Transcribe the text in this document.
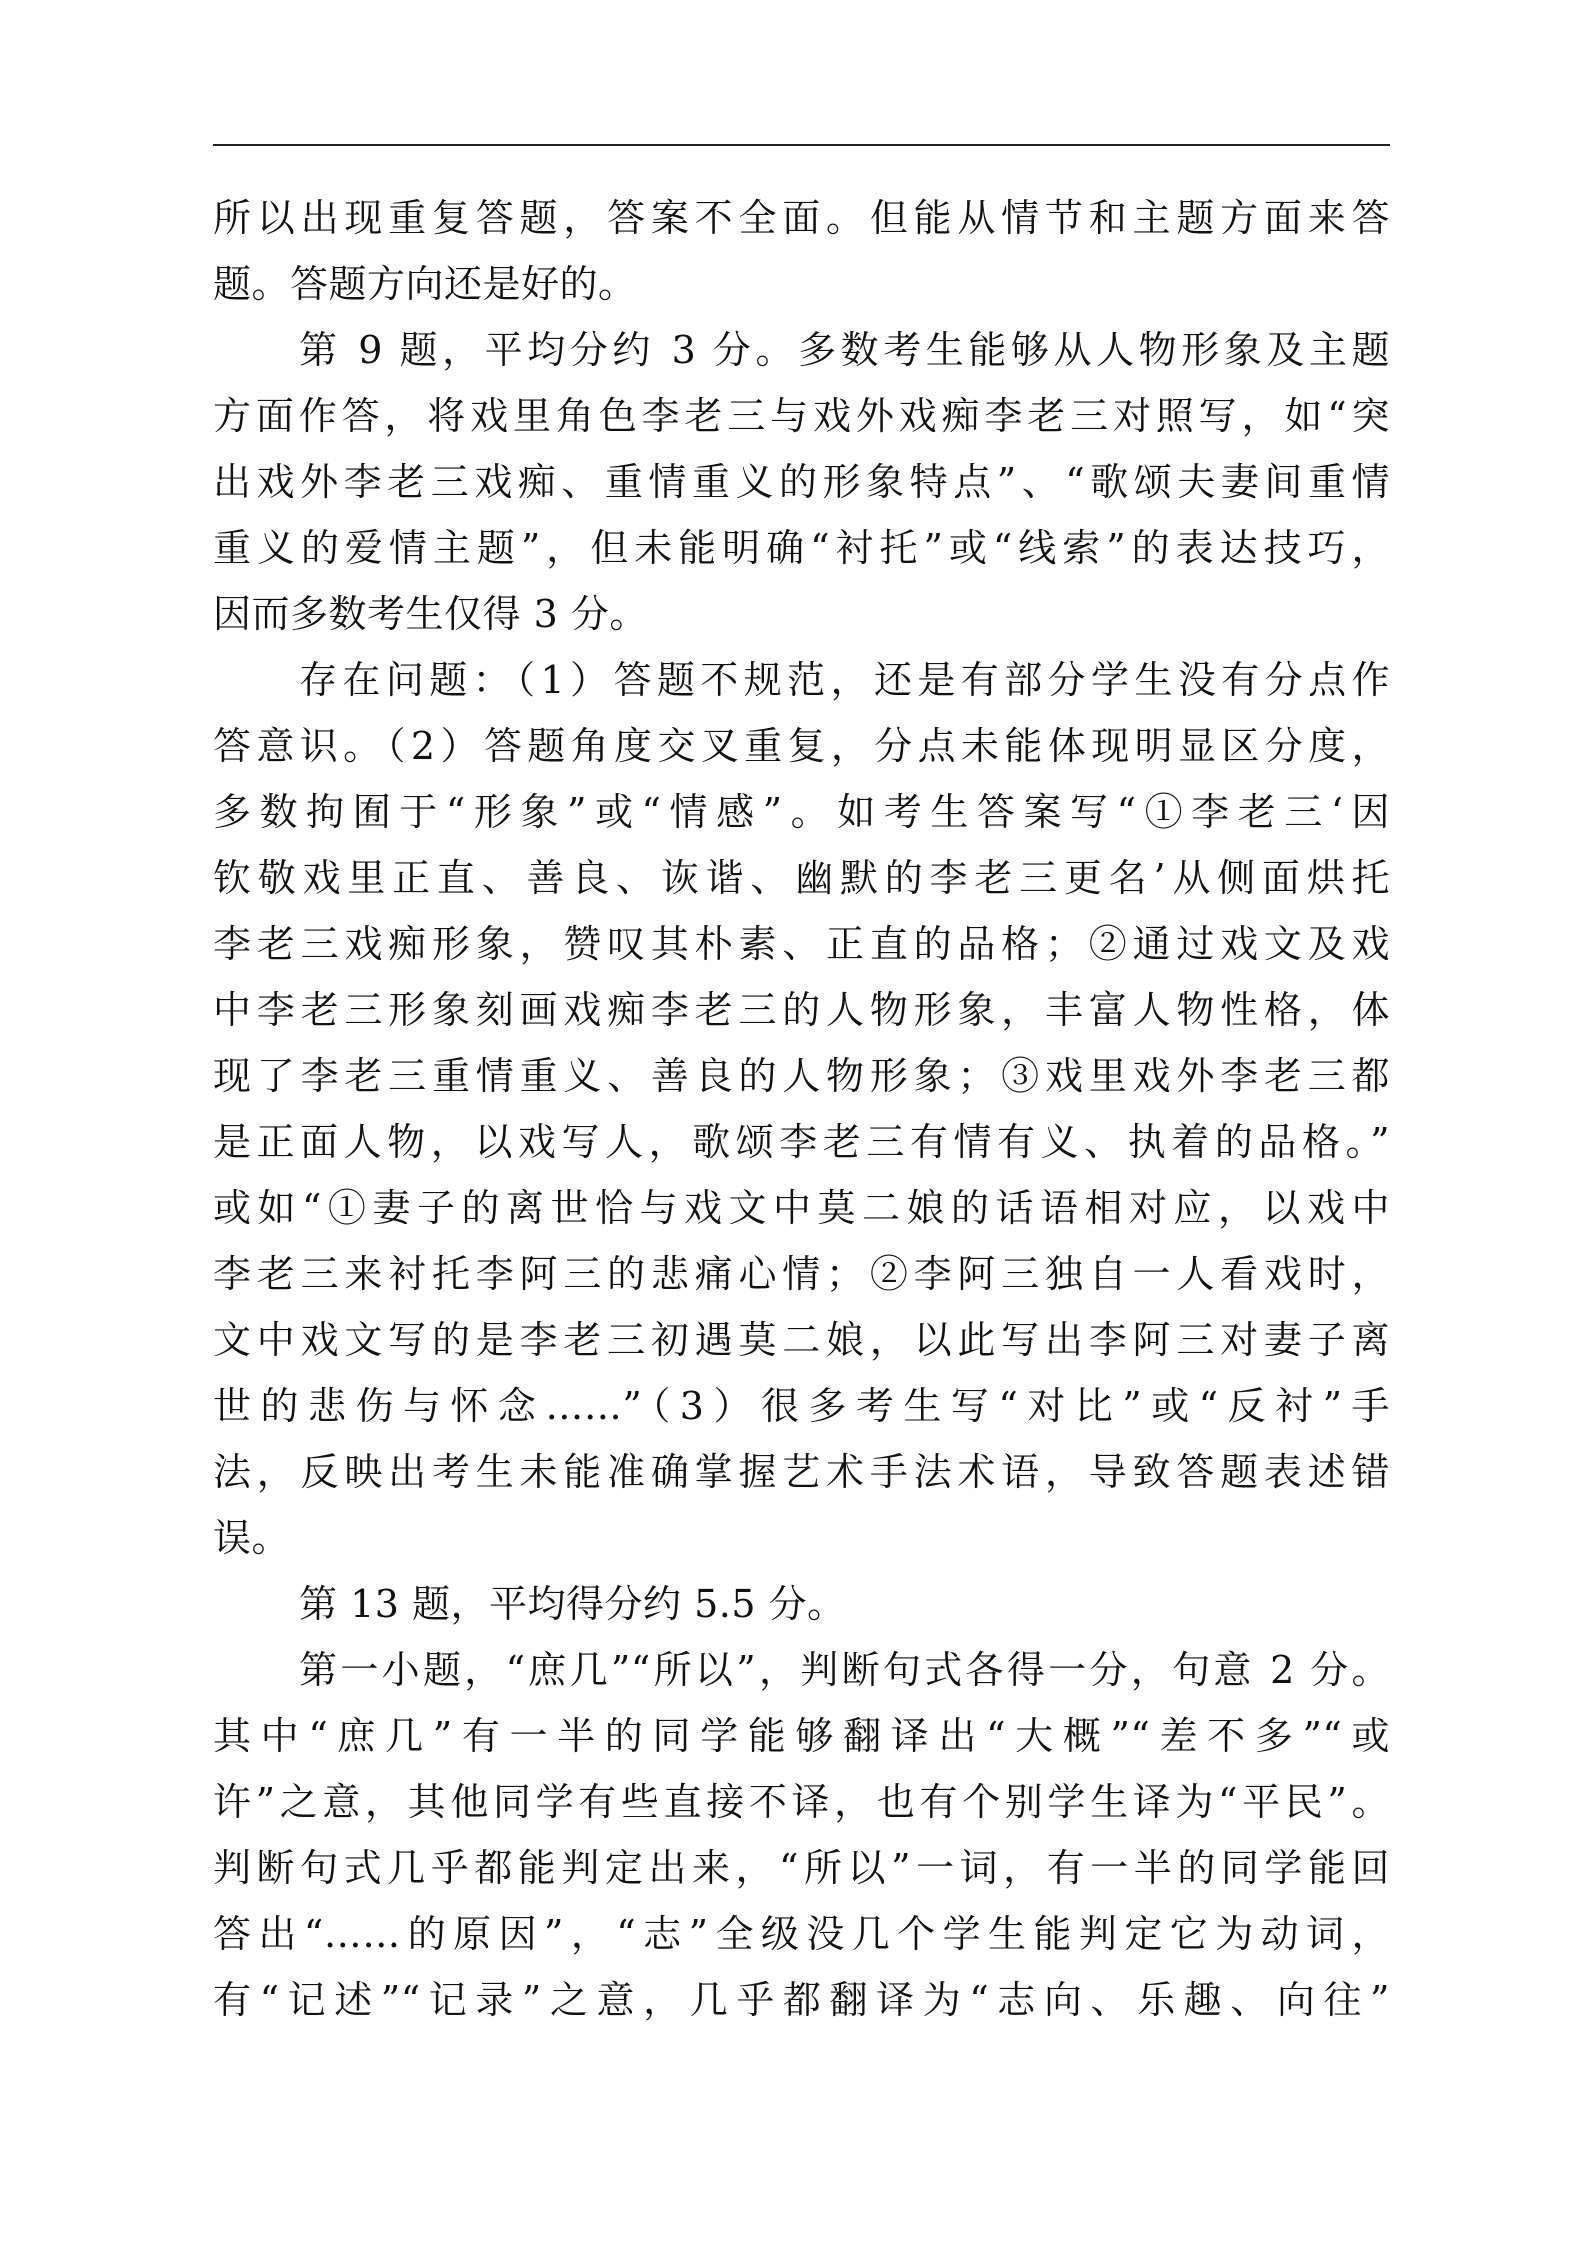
所以出现重复答题，答案不全面。但能从情节和主题方面来答
题。答题方向还是好的。
第 9 题，平均分约 3 分。多数考生能够从人物形象及主题
方面作答，将戏里角色李老三与戏外戏痴李老三对照写，如“突
出戏外李老三戏痴、重情重义的形象特点”、“歌颂夫妻间重情
重义的爱情主题”，但未能明确“衬托”或“线索”的表达技巧，
因而多数考生仅得 3 分。
存在问题：（1）答题不规范，还是有部分学生没有分点作
答意识。（2）答题角度交叉重复，分点未能体现明显区分度，
多数拘囿于“形象”或“情感”。如考生答案写“①李老三‘因
钦敬戏里正直、善良、诙谐、幽默的李老三更名’从侧面烘托
李老三戏痴形象，赞叹其朴素、正直的品格；②通过戏文及戏
中李老三形象刻画戏痴李老三的人物形象，丰富人物性格，体
现了李老三重情重义、善良的人物形象；③戏里戏外李老三都
是正面人物，以戏写人，歌颂李老三有情有义、执着的品格。”
或如“①妻子的离世恰与戏文中莫二娘的话语相对应，以戏中
李老三来衬托李阿三的悲痛心情；②李阿三独自一人看戏时，
文中戏文写的是李老三初遇莫二娘，以此写出李阿三对妻子离
世的悲伤与怀念……”（3）很多考生写“对比”或“反衬”手
法，反映出考生未能准确掌握艺术手法术语，导致答题表述错
误。
第 13 题，平均得分约 5.5 分。
第一小题，“庶几”“所以”，判断句式各得一分，句意 2 分。
其中“庶几”有一半的同学能够翻译出“大概”“差不多”“或
许”之意，其他同学有些直接不译，也有个别学生译为“平民”。
判断句式几乎都能判定出来，“所以”一词，有一半的同学能回
答出“……的原因”，“志”全级没几个学生能判定它为动词，
有“记述”“记录”之意，几乎都翻译为“志向、乐趣、向往”
